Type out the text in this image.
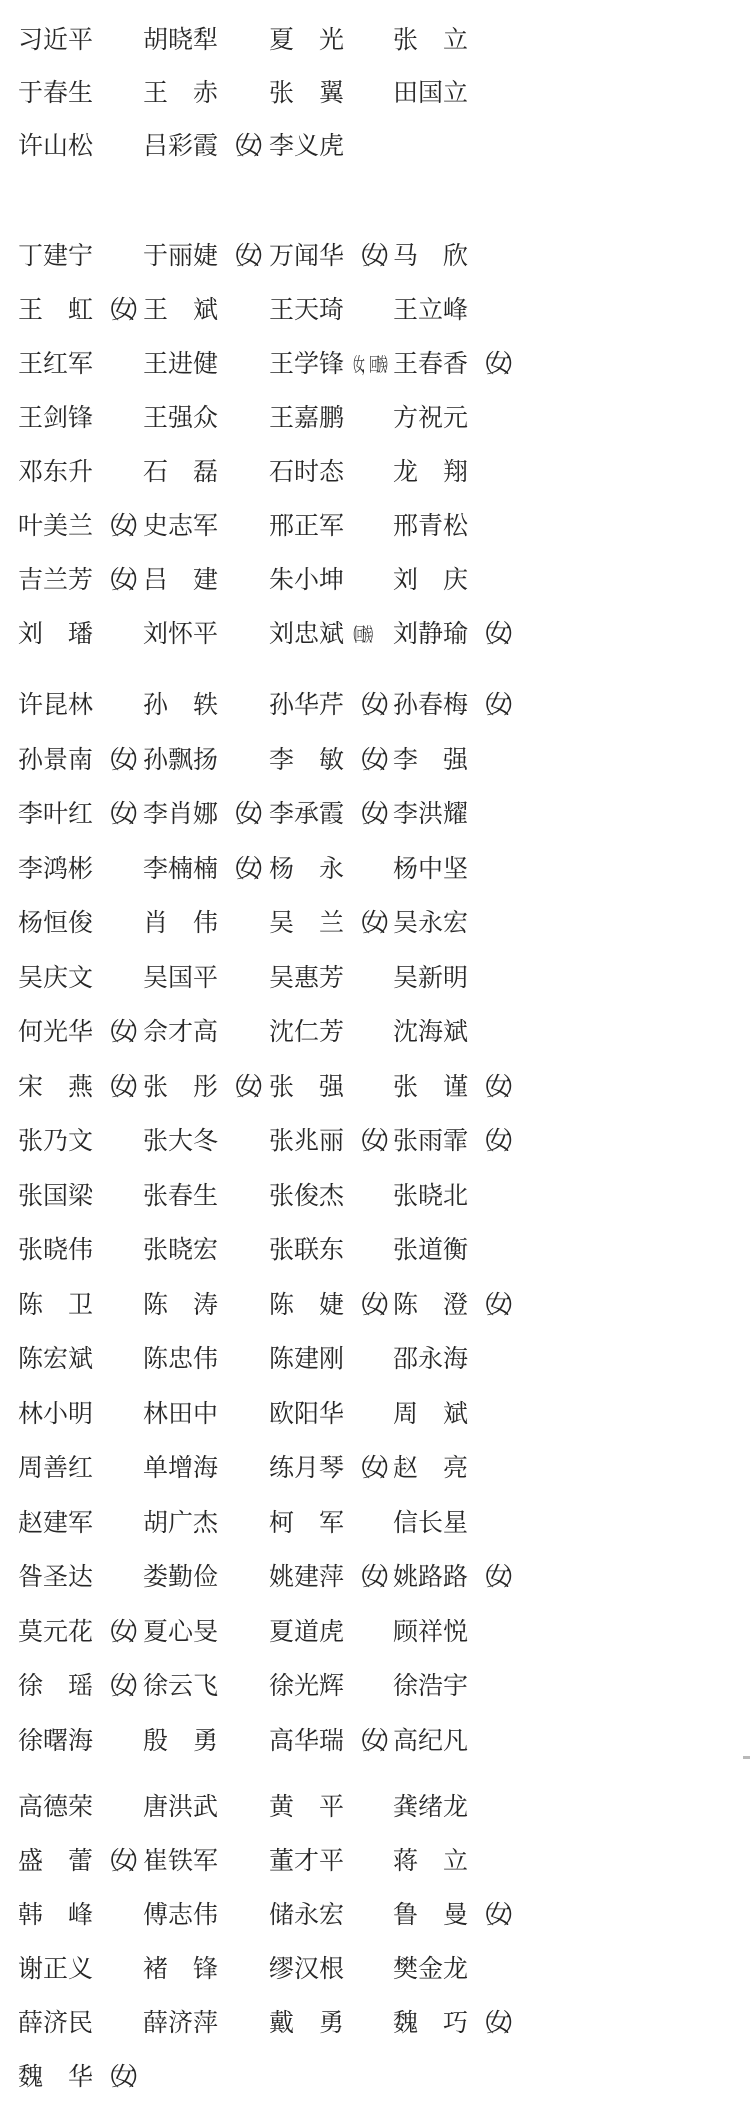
习近平 胡晓犁 夏　光 张　立
于春生 王　赤 张　翼 田国立
许山松 吕彩霞（女） 李义虎
丁建宁 于丽婕（女） 万闻华（女）
马　欣
王　虹（女） 王　斌 王天琦 王立峰
王红军 王进健 王学锋 （女，回族） 王春香（女）
王剑锋 王强众 王嘉鹏 方祝元
邓东升 石　磊 石时态 龙　翔
叶美兰（女） 史志军 邢正军 邢青松
吉兰芳（女） 吕　建 朱小坤 刘　庆
刘　璠 刘怀平 刘忠斌 （回族） 刘静瑜（女）
许昆林 孙　轶 孙华芹（女）
孙春梅（女）
孙景南（女） 孙飘扬 李　敏（女）
李　强
李叶红（女） 李肖娜（女） 李承霞（女）
李洪耀
李鸿彬 李楠楠（女） 杨　永 杨中坚
杨恒俊 肖　伟 吴　兰（女）
吴永宏
吴庆文 吴国平 吴惠芳 吴新明
何光华（女） 佘才高 沈仁芳 沈海斌
宋　燕（女） 张　彤（女） 张　强 张　谨（女）
张乃文 张大冬 张兆丽（女）
张雨霏（女）
张国梁 张春生 张俊杰 张晓北
张晓伟 张晓宏 张联东 张道衡
陈　卫 陈　涛 陈　婕（女）
陈　澄（女）
陈宏斌 陈忠伟 陈建刚 邵永海
林小明 林田中 欧阳华 周　斌
周善红 单增海 练月琴（女）
赵　亮
赵建军 胡广杰 柯　军 信长星
昝圣达 娄勤俭 姚建萍（女）
姚路路（女）
莫元花（女） 夏心旻 夏道虎 顾祥悦
徐　瑶（女） 徐云飞 徐光辉 徐浩宇
徐曙海 殷　勇 高华瑞（女）
高纪凡
高德荣 唐洪武 黄　平 龚绪龙
盛　蕾（女） 崔铁军 董才平 蒋　立
韩　峰 傅志伟 储永宏 鲁　曼（女）
谢正义 褚　锋 缪汉根 樊金龙
薛济民 薛济萍 戴　勇 魏　巧（女）
魏　华（女）
